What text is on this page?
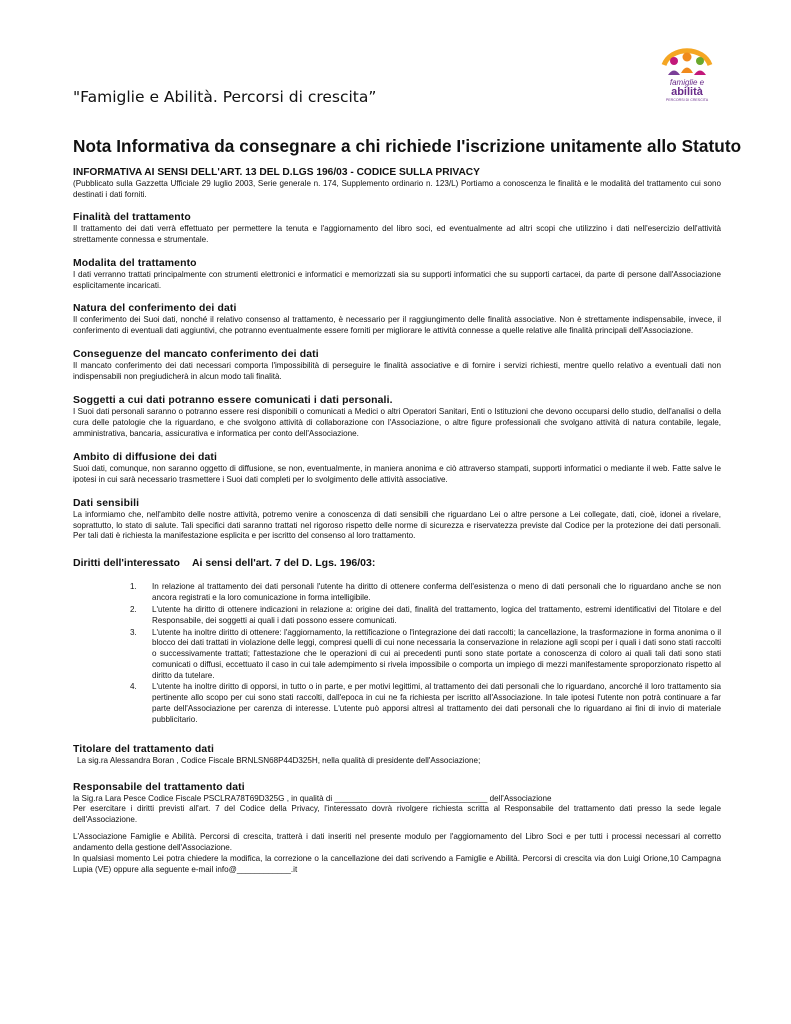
famiglie e
abilità
PERCORSI DI CRESCITA
"Famiglie e Abilità. Percorsi di crescita”
Nota Informativa da consegnare a chi richiede I'iscrizione unitamente allo Statuto

INFORMATIVA AI SENSI DELL'ART. 13 DEL D.LGS 196/03 - CODICE SULLA PRIVACY

(Pubblicato sulla Gazzetta Ufficiale 29 luglio 2003, Serie generale n. 174, Supplemento ordinario n. 123/L) Portiamo a conoscenza le finalità e le modalità del trattamento cui sono destinati i dati forniti.

Finalità del trattamento

Il trattamento dei dati verrà effettuato per permettere la tenuta e l'aggiornamento del libro soci, ed eventualmente ad altri scopi che utilizzino i dati nell'esercizio dell'attività strettamente connessa e strumentale.

Modalita del trattamento

I dati verranno trattati principalmente con strumenti elettronici e informatici e memorizzati sia su supporti informatici che su supporti cartacei, da parte di persone dall'Associazione esplicitamente incaricati.

Natura del conferimento dei dati

Il conferimento dei Suoi dati, nonché il relativo consenso al trattamento, è necessario per il raggiungimento delle finalità associative. Non è strettamente indispensabile, invece, il conferimento di eventuali dati aggiuntivi, che potranno eventualmente essere forniti per migliorare le attività connesse a quelle relative alle finalità principali dell'Associazione.

Conseguenze del mancato conferimento dei dati

Il mancato conferimento dei dati necessari comporta l'impossibilità di perseguire le finalità associative e di fornire i servizi richiesti, mentre quello relativo a eventuali dati non indispensabili non pregiudicherà in alcun modo tali finalità.

Soggetti a cui dati potranno essere comunicati i dati personali.

I Suoi dati personali saranno o potranno essere resi disponibili o comunicati a Medici o altri Operatori Sanitari, Enti o Istituzioni che devono occuparsi dello studio, dell'analisi o della cura delle patologie che la riguardano, e che svolgono attività di collaborazione con l'Associazione, o altre figure professionali che svolgano attività di natura contabile, legale, amministrativa, bancaria, assicurativa e informatica per conto dell'Associazione.

Ambito di diffusione dei dati

Suoi dati, comunque, non saranno oggetto di diffusione, se non, eventualmente, in maniera anonima e ciò attraverso stampati, supporti informatici o mediante il web. Fatte salve le ipotesi in cui sarà necessario trasmettere i Suoi dati completi per lo svolgimento delle attività associative.

Dati sensibili

La informiamo che, nell'ambito delle nostre attività, potremo venire a conoscenza di dati sensibili che riguardano Lei o altre persone a Lei collegate, dati, cioè, idonei a rivelare, soprattutto, lo stato di salute. Tali specifici dati saranno trattati nel rigoroso rispetto delle norme di sicurezza e riservatezza previste dal Codice per la protezione dei dati personali. Per tali dati è richiesta la manifestazione esplicita e per iscritto del consenso al loro trattamento.

Diritti dell'interessato Ai sensi dell'art. 7 del D. Lgs. 196/03:
1. In relazione al trattamento dei dati personali l'utente ha diritto di ottenere conferma dell'esistenza o meno di dati personali che lo riguardano anche se non ancora registrati e la loro comunicazione in forma intelligibile.
2. L'utente ha diritto di ottenere indicazioni in relazione a: origine dei dati, finalità del trattamento, logica del trattamento, estremi identificativi del Titolare e del Responsabile, dei soggetti ai quali i dati possono essere comunicati.
3. L'utente ha inoltre diritto di ottenere: l'aggiornamento, la rettificazione o l'integrazione dei dati raccolti; la cancellazione, la trasformazione in forma anonima o il blocco dei dati trattati in violazione delle leggi, compresi quelli di cui none necessaria la conservazione in relazione agli scopi per i quali i dati sono stati raccolti o successivamente trattati; l'attestazione che le operazioni di cui ai precedenti punti sono state portate a conoscenza di coloro ai quali tali dati sono stati comunicati o diffusi, eccettuato il caso in cui tale adempimento si rivela impossibile o comporta un impiego di mezzi manifestamente sproporzionato rispetto al diritto da tutelare.
4. L'utente ha inoltre diritto di opporsi, in tutto o in parte, e per motivi legittimi, al trattamento dei dati personali che lo riguardano, ancorché il loro trattamento sia pertinente allo scopo per cui sono stati raccolti, dall'epoca in cui ne fa richiesta per iscritto all'Associazione. In tale ipotesi l'utente non potrà continuare a far parte dell'Associazione per carenza di interesse. L'utente può apporsi altresì al trattamento dei dati personali che lo riguardano ai fini di invio di materiale pubblicitario.

Titolare del trattamento dati

La sig.ra Alessandra Boran , Codice Fiscale BRNLSN68P44D325H, nella qualità di presidente dell'Associazione;

Responsabile del trattamento dati

la Sig.ra Lara Pesce Codice Fiscale PSCLRA78T69D325G , in qualità di __________________________________ dell'Associazione

Per esercitare i diritti previsti all'art. 7 del Codice della Privacy, l'interessato dovrà rivolgere richiesta scritta al Responsabile del trattamento dati presso la sede legale dell'Associazione.

L'Associazione Famiglie e Abilità. Percorsi di crescita, tratterà i dati inseriti nel presente modulo per l'aggiornamento del Libro Soci e per tutti i processi necessari al corretto andamento della gestione dell'Associazione.

In qualsiasi momento Lei potra chiedere la modifica, la correzione o la cancellazione dei dati scrivendo a Famiglie e Abilità. Percorsi di crescita via don Luigi Orione,10 Campagna Lupia (VE) oppure alla seguente e-mail info@____________.it
